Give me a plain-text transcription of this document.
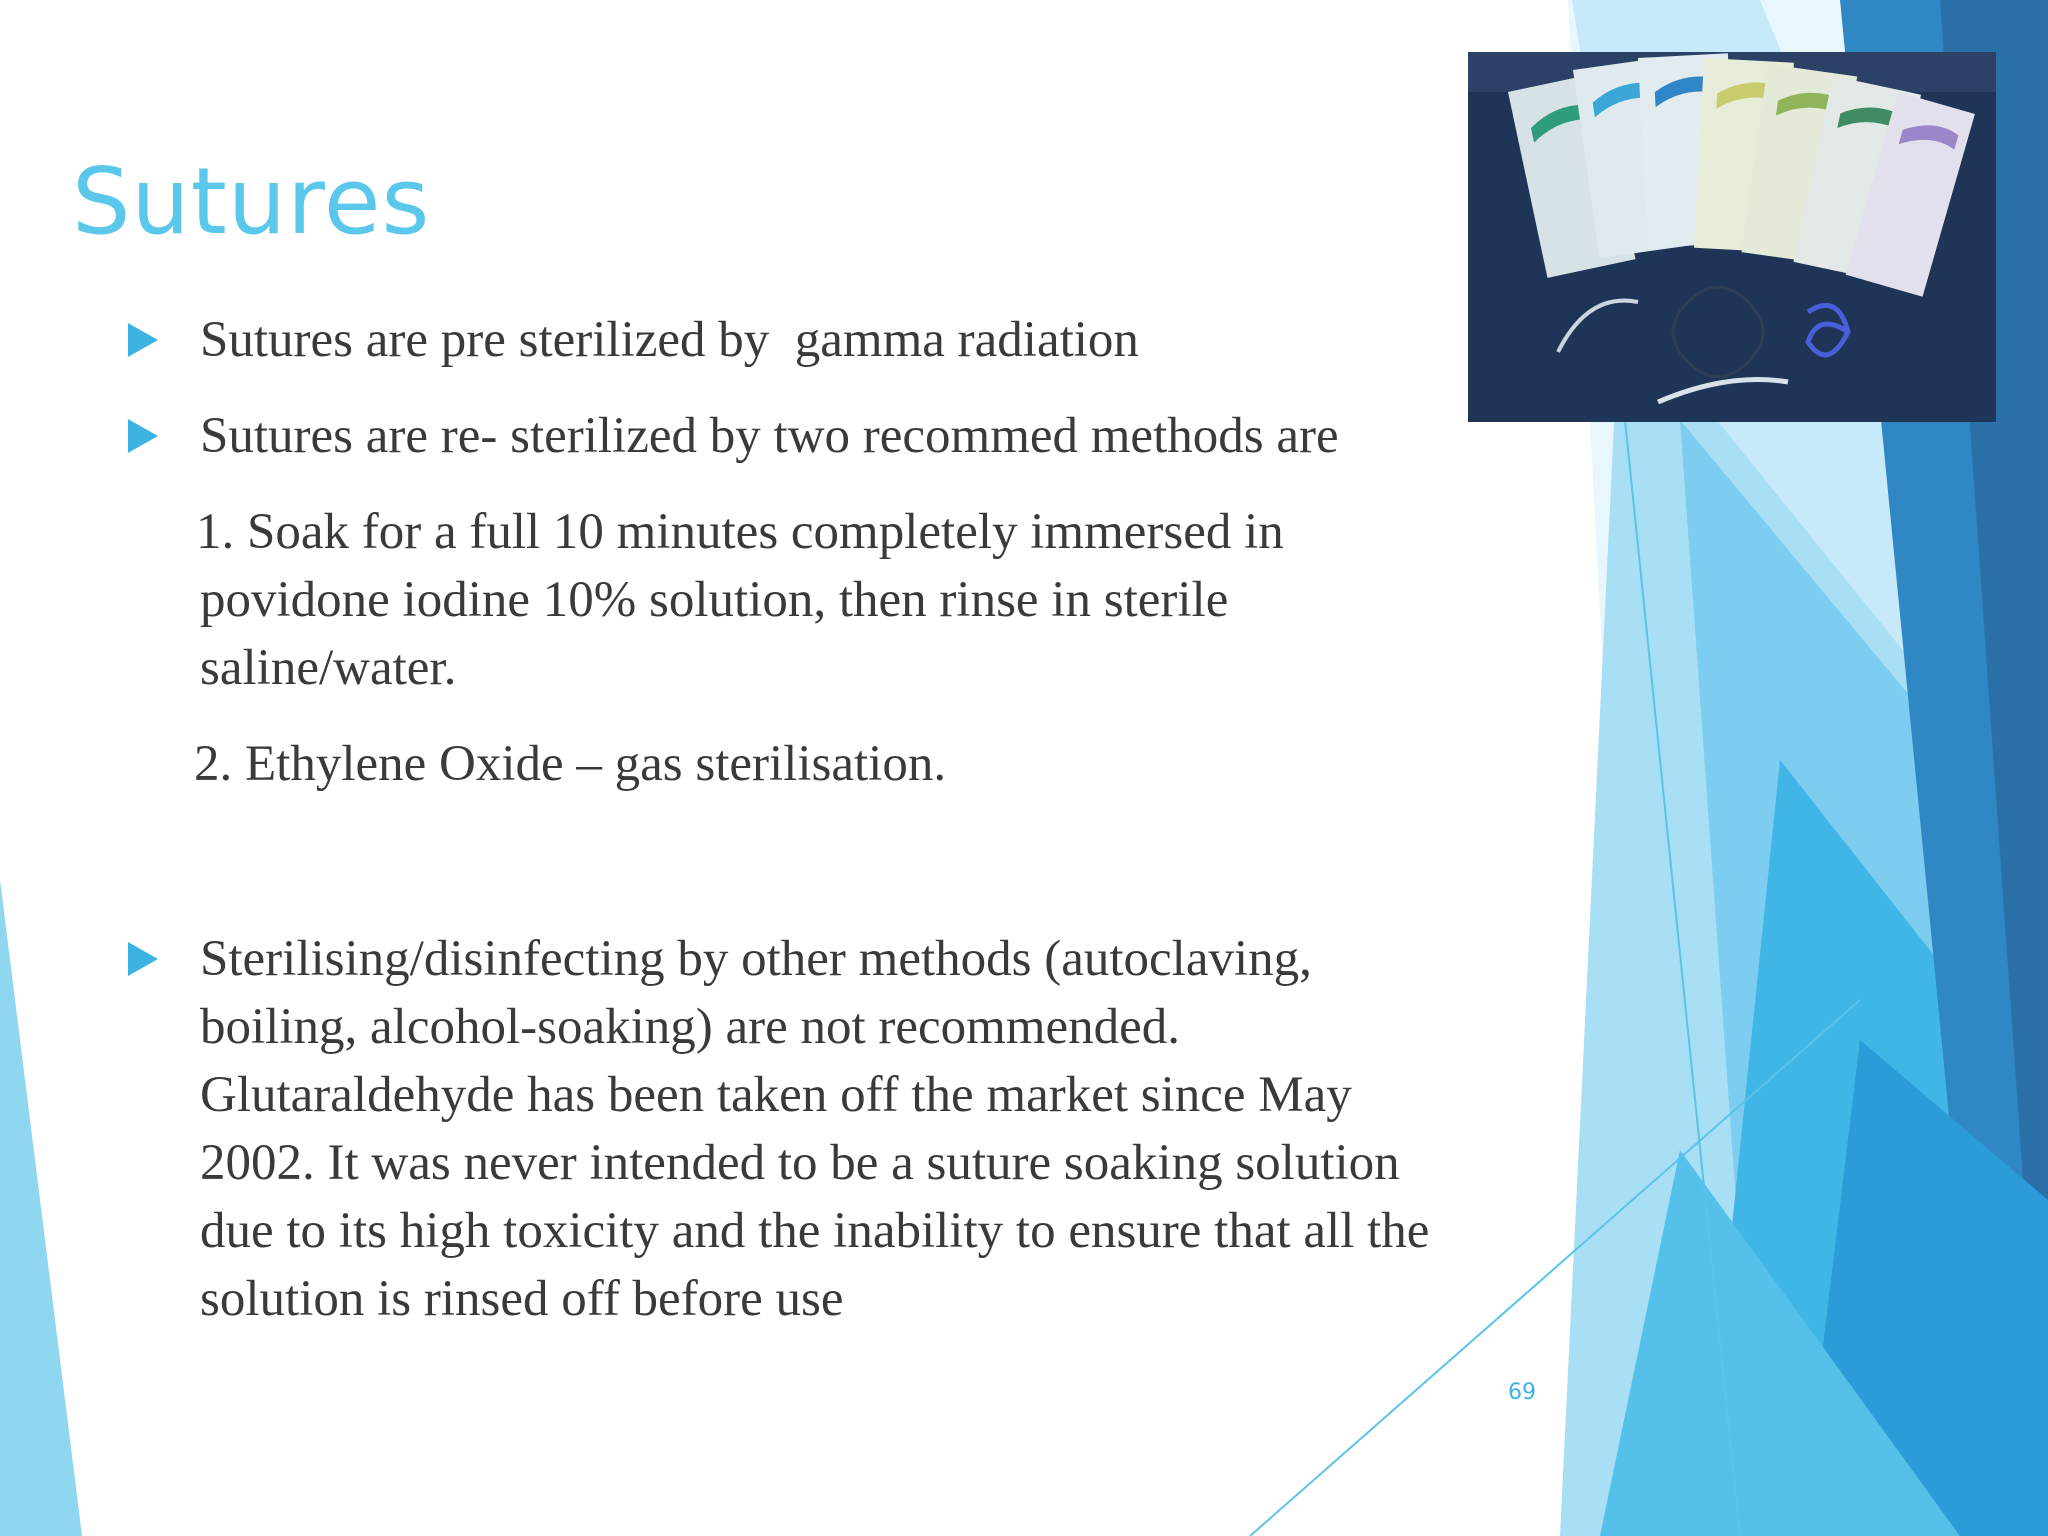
Sutures

Sutures are pre sterilized by  gamma radiation

Sutures are re- sterilized by two recommed methods are

1. Soak for a full 10 minutes completely immersed in

povidone iodine 10% solution, then rinse in sterile

saline/water.

2. Ethylene Oxide – gas sterilisation.

Sterilising/disinfecting by other methods (autoclaving,

boiling, alcohol-soaking) are not recommended.

Glutaraldehyde has been taken off the market since May

2002. It was never intended to be a suture soaking solution

due to its high toxicity and the inability to ensure that all the

solution is rinsed off before use

69
